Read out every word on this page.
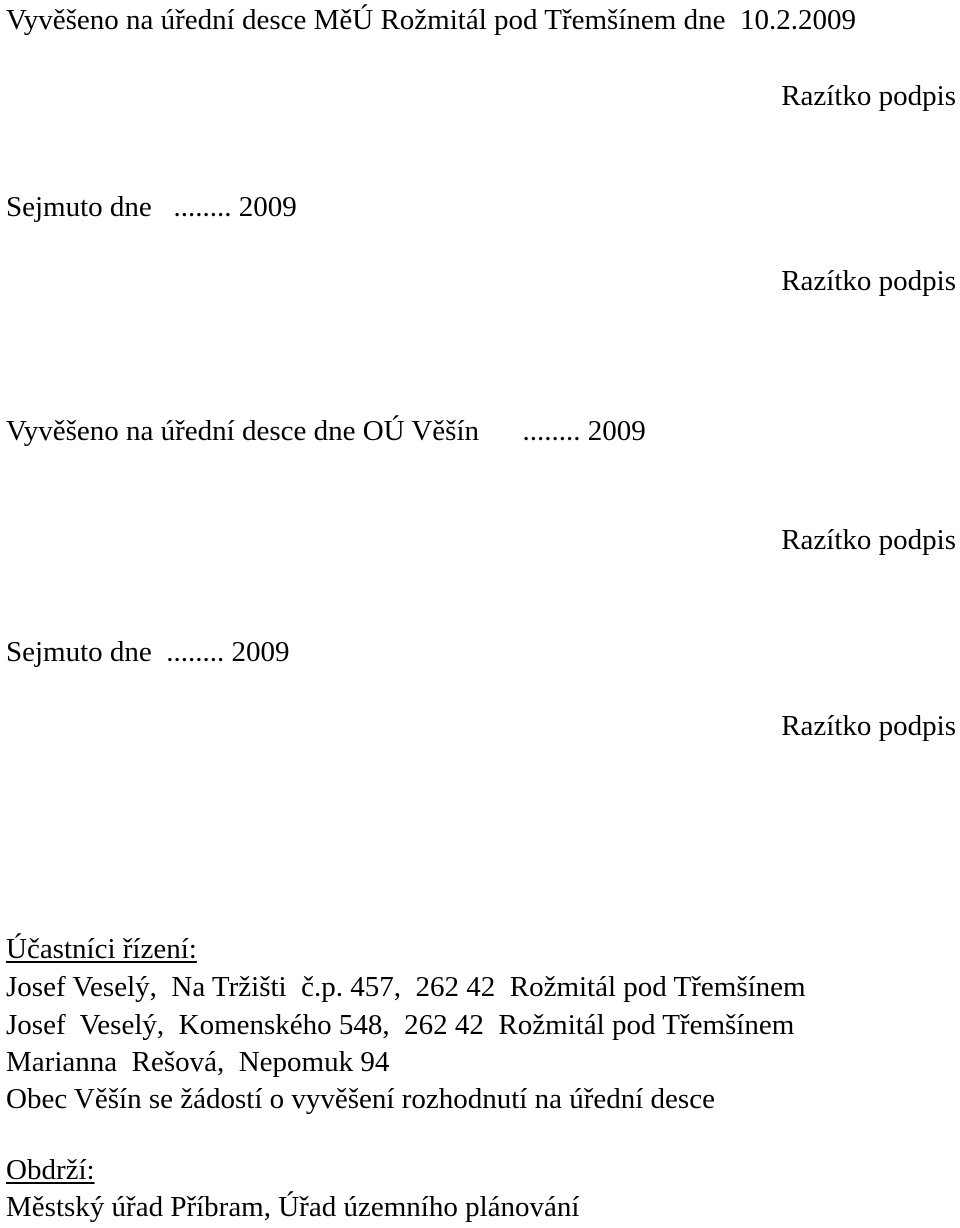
Vyvěšeno na úřední desce MěÚ Rožmitál pod Třemšínem dne  10.2.2009
Razítko podpis
Sejmuto dne   ........ 2009
Razítko podpis
Vyvěšeno na úřední desce dne OÚ Věšín      ........ 2009
Razítko podpis
Sejmuto dne  ........ 2009
Razítko podpis
Účastníci řízení:
Josef Veselý,  Na Tržišti  č.p. 457,  262 42  Rožmitál pod Třemšínem
Josef  Veselý,  Komenského 548,  262 42  Rožmitál pod Třemšínem
Marianna  Rešová,  Nepomuk 94
Obec Věšín se žádostí o vyvěšení rozhodnutí na úřední desce
Obdrží:
Městský úřad Příbram, Úřad územního plánování
